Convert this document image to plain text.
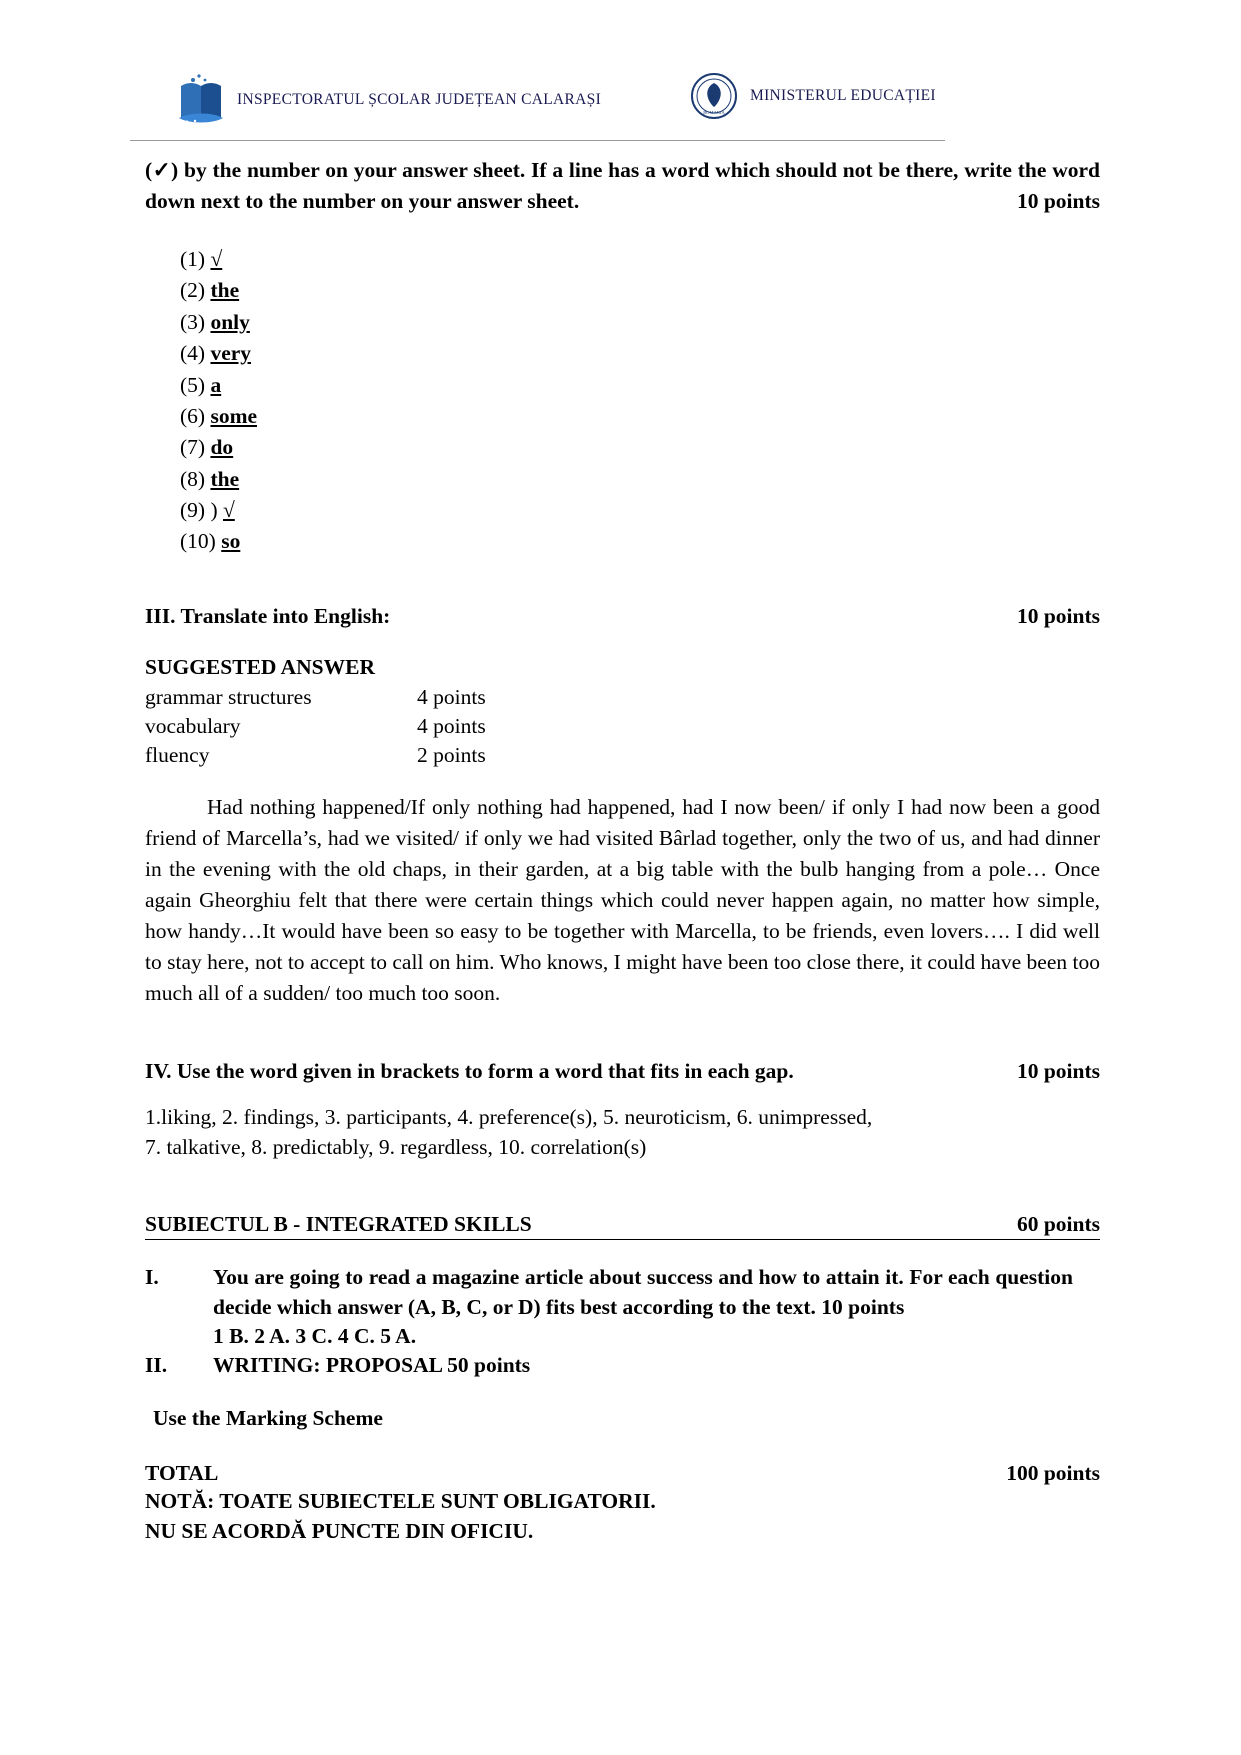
INSPECTORATUL ȘCOLAR JUDEȚEAN CALARAȘI
ROMANIA
MINISTERUL EDUCAȚIEI
(✓) by the number on your answer sheet. If a line has a word which should not be there, write the word down next to the number on your answer sheet.	10 points
(1) √
(2) the
(3) only
(4) very
(5) a
(6) some
(7) do
(8) the
(9) ) √
(10) so
III. Translate into English:	10 points
SUGGESTED ANSWER
grammar structures	4 points
vocabulary	4 points
fluency	2 points
Had nothing happened/If only nothing had happened, had I now been/ if only I had now been a good friend of Marcella’s, had we visited/ if only we had visited Bârlad together, only the two of us, and had dinner in the evening with the old chaps, in their garden, at a big table with the bulb hanging from a pole… Once again Gheorghiu felt that there were certain things which could never happen again, no matter how simple, how handy…It would have been so easy to be together with Marcella, to be friends, even lovers…. I did well to stay here, not to accept to call on him. Who knows, I might have been too close there, it could have been too much all of a sudden/ too much too soon.
IV. Use the word given in brackets to form a word that fits in each gap.	10 points
1.liking, 2. findings, 3. participants, 4. preference(s), 5. neuroticism, 6. unimpressed,
7. talkative, 8. predictably, 9. regardless, 10. correlation(s)
SUBIECTUL B - INTEGRATED SKILLS	60 points
I.	You are going to read a magazine article about success and how to attain it. For each question decide which answer (A, B, C, or D) fits best according to the text. 10 points
1 B. 2 A. 3 C. 4 C. 5 A.
II. WRITING: PROPOSAL 50 points
Use the Marking Scheme
TOTAL	100 points
NOTĂ: TOATE SUBIECTELE SUNT OBLIGATORII.
NU SE ACORDĂ PUNCTE DIN OFICIU.
